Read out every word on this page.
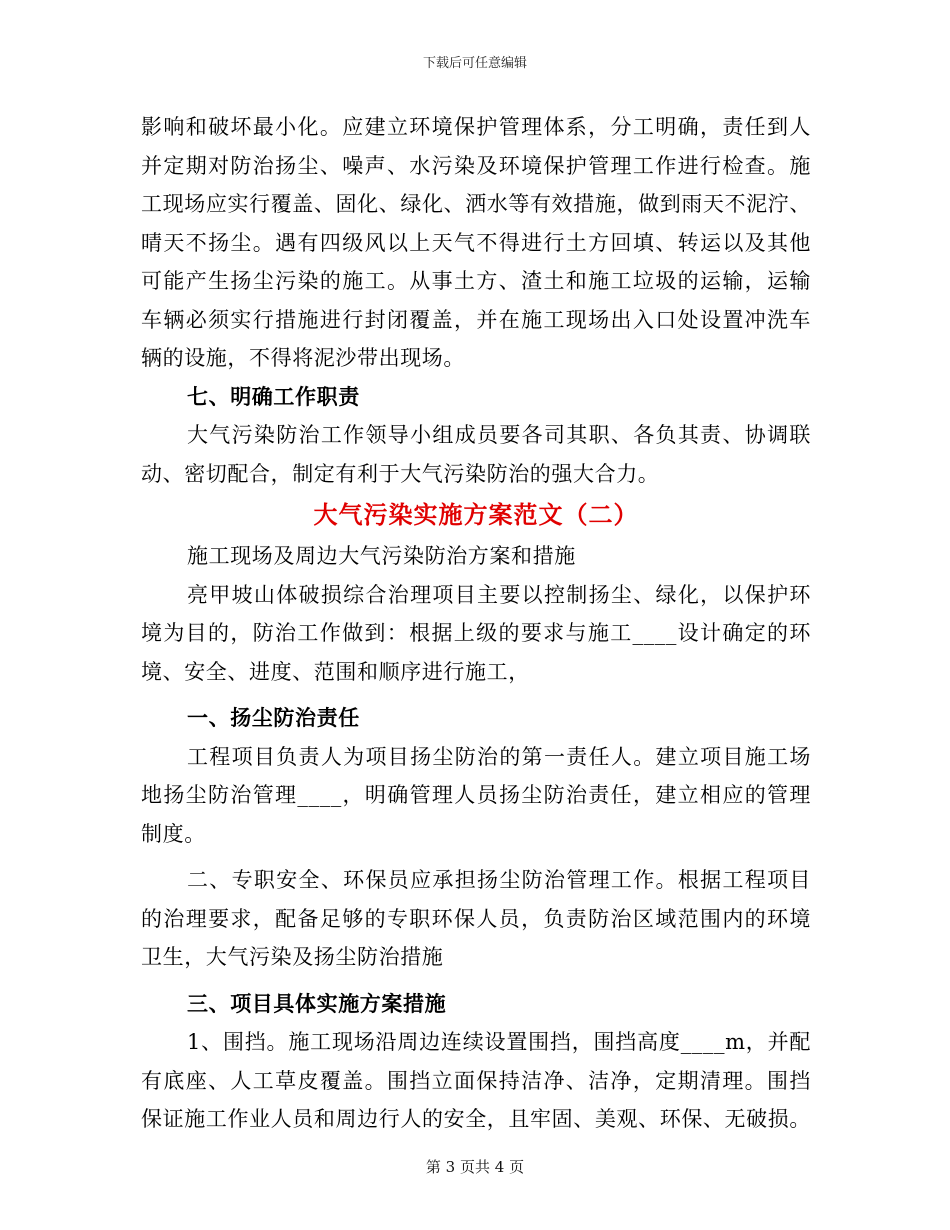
下载后可任意编辑
影响和破坏最小化。应建立环境保护管理体系，分工明确，责任到人
并定期对防治扬尘、噪声、水污染及环境保护管理工作进行检查。施
工现场应实行覆盖、固化、绿化、洒水等有效措施，做到雨天不泥泞、
晴天不扬尘。遇有四级风以上天气不得进行土方回填、转运以及其他
可能产生扬尘污染的施工。从事土方、渣土和施工垃圾的运输，运输
车辆必须实行措施进行封闭覆盖，并在施工现场出入口处设置冲洗车
辆的设施，不得将泥沙带出现场。
七、明确工作职责
大气污染防治工作领导小组成员要各司其职、各负其责、协调联
动、密切配合，制定有利于大气污染防治的强大合力。
大气污染实施方案范文（二）
施工现场及周边大气污染防治方案和措施
亮甲坡山体破损综合治理项目主要以控制扬尘、绿化，以保护环
境为目的，防治工作做到：根据上级的要求与施工____设计确定的环
境、安全、进度、范围和顺序进行施工，
一、扬尘防治责任
工程项目负责人为项目扬尘防治的第一责任人。建立项目施工场
地扬尘防治管理____，明确管理人员扬尘防治责任，建立相应的管理
制度。
二、专职安全、环保员应承担扬尘防治管理工作。根据工程项目
的治理要求，配备足够的专职环保人员，负责防治区域范围内的环境
卫生，大气污染及扬尘防治措施
三、项目具体实施方案措施
1、围挡。施工现场沿周边连续设置围挡，围挡高度____m，并配
有底座、人工草皮覆盖。围挡立面保持洁净、洁净，定期清理。围挡
保证施工作业人员和周边行人的安全，且牢固、美观、环保、无破损。
第 3 页共 4 页
